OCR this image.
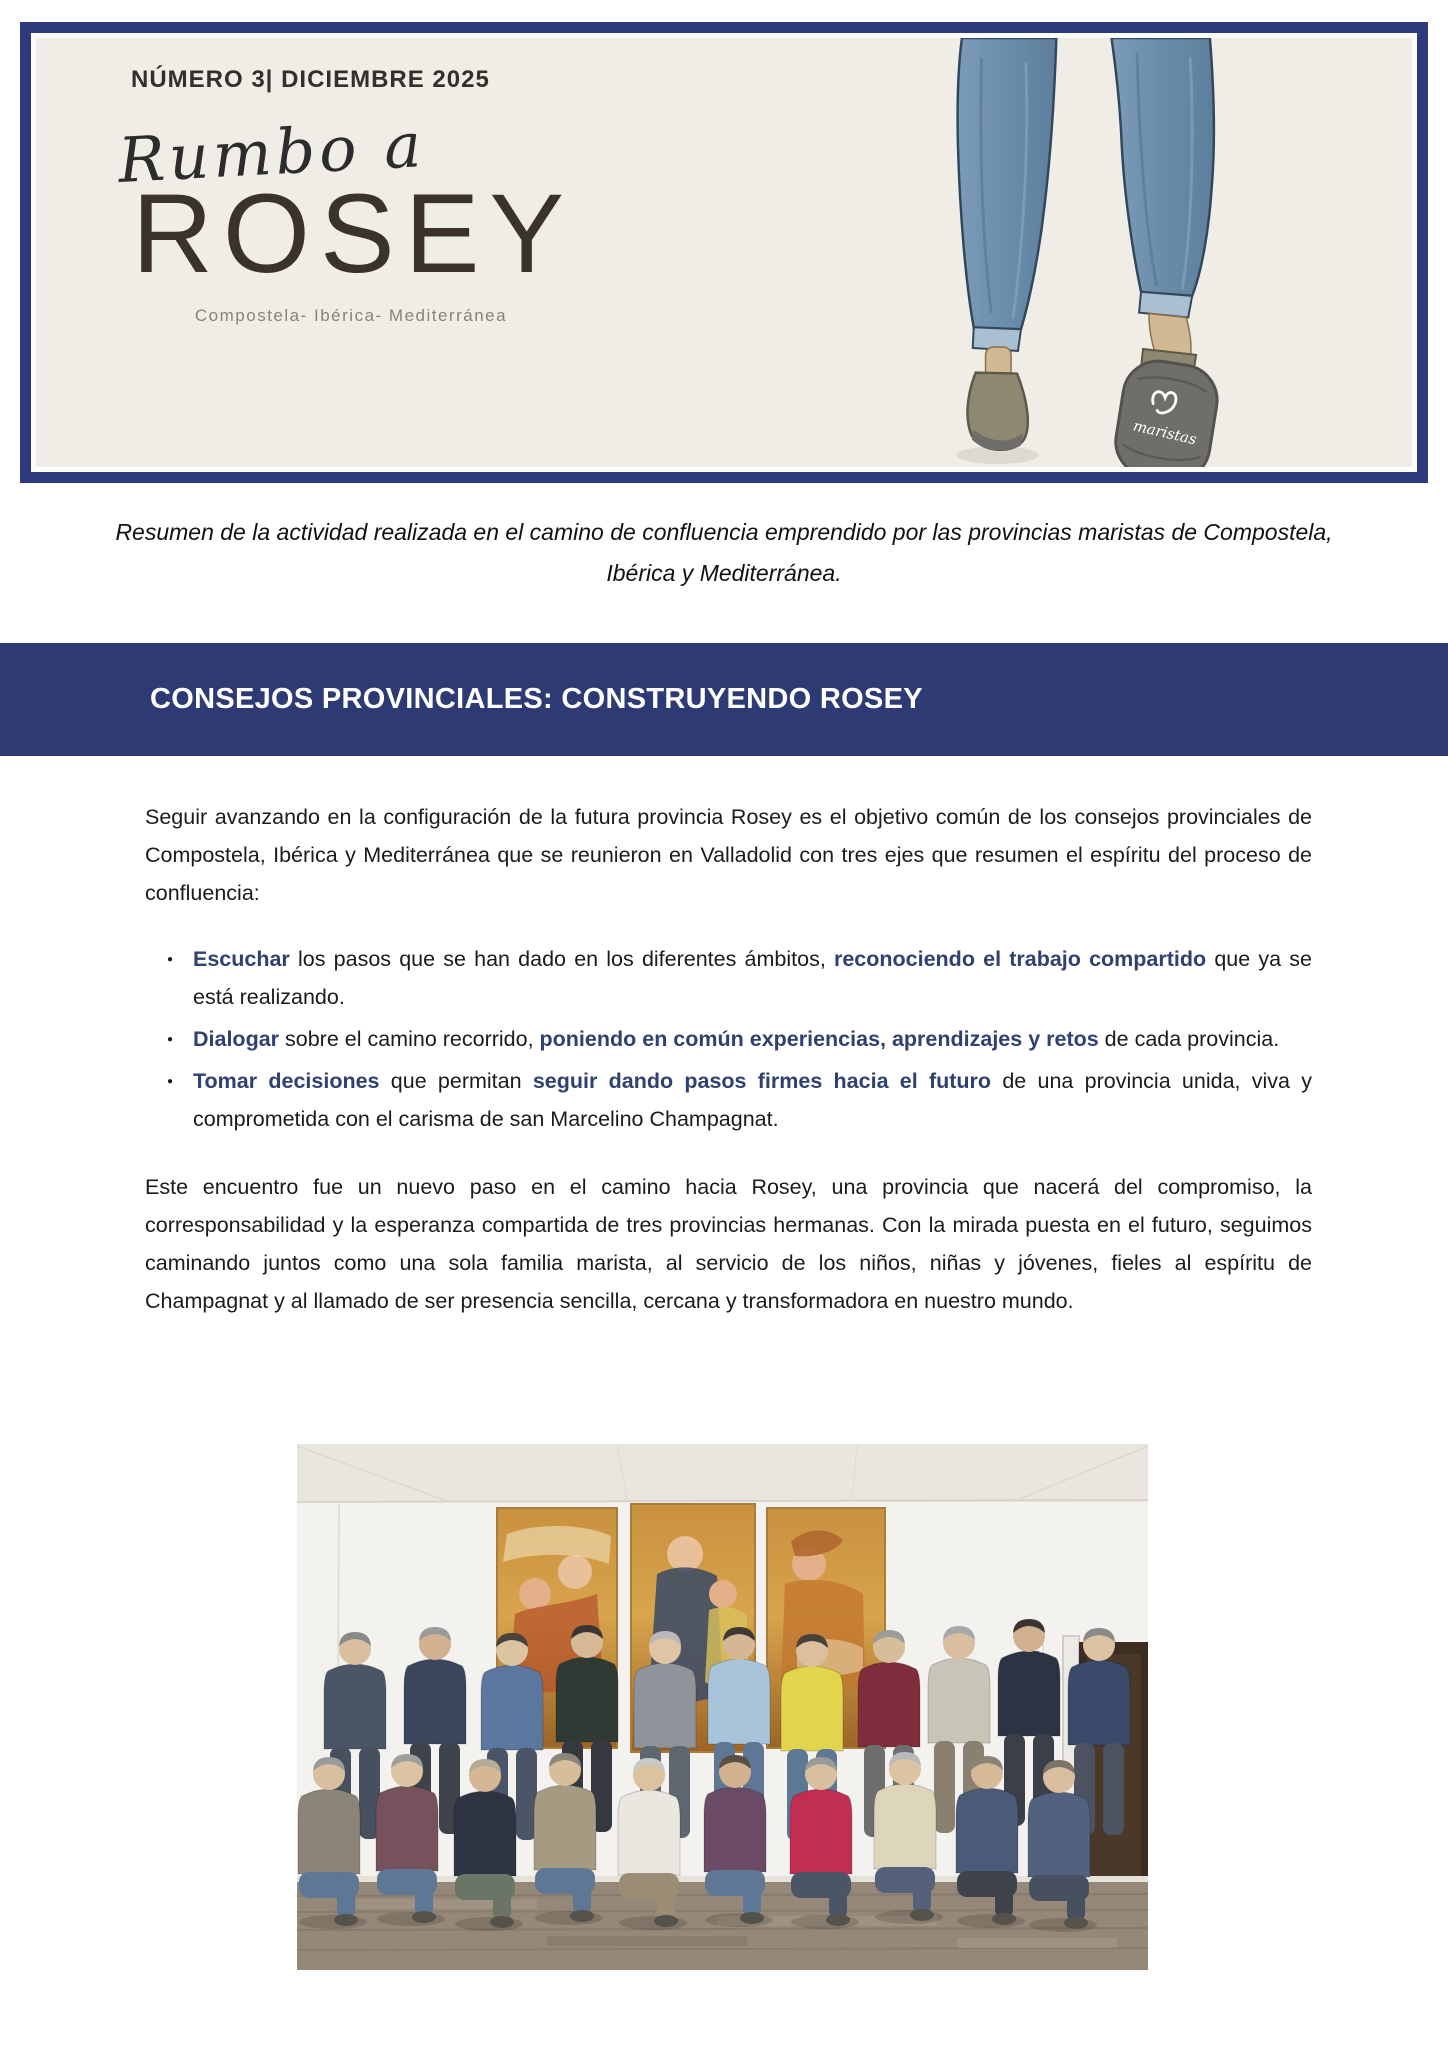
NÚMERO 3| DICIEMBRE 2025
Rumbo a
ROSEY
Compostela- Ibérica- Mediterránea
maristas
Resumen de la actividad realizada en el camino de confluencia emprendido por las provincias maristas de Compostela, Ibérica y Mediterránea.
CONSEJOS PROVINCIALES: CONSTRUYENDO ROSEY

Seguir avanzando en la configuración de la futura provincia Rosey es el objetivo común de los consejos provinciales de Compostela, Ibérica y Mediterránea que se reunieron en Valladolid con tres ejes que resumen el espíritu del proceso de confluencia:

● Escuchar los pasos que se han dado en los diferentes ámbitos, reconociendo el trabajo compartido que ya se está realizando.
● Dialogar sobre el camino recorrido, poniendo en común experiencias, aprendizajes y retos de cada provincia.
● Tomar decisiones que permitan seguir dando pasos firmes hacia el futuro de una provincia unida, viva y comprometida con el carisma de san Marcelino Champagnat.

Este encuentro fue un nuevo paso en el camino hacia Rosey, una provincia que nacerá del compromiso, la corresponsabilidad y la esperanza compartida de tres provincias hermanas. Con la mirada puesta en el futuro, seguimos caminando juntos como una sola familia marista, al servicio de los niños, niñas y jóvenes, fieles al espíritu de Champagnat y al llamado de ser presencia sencilla, cercana y transformadora en nuestro mundo.
